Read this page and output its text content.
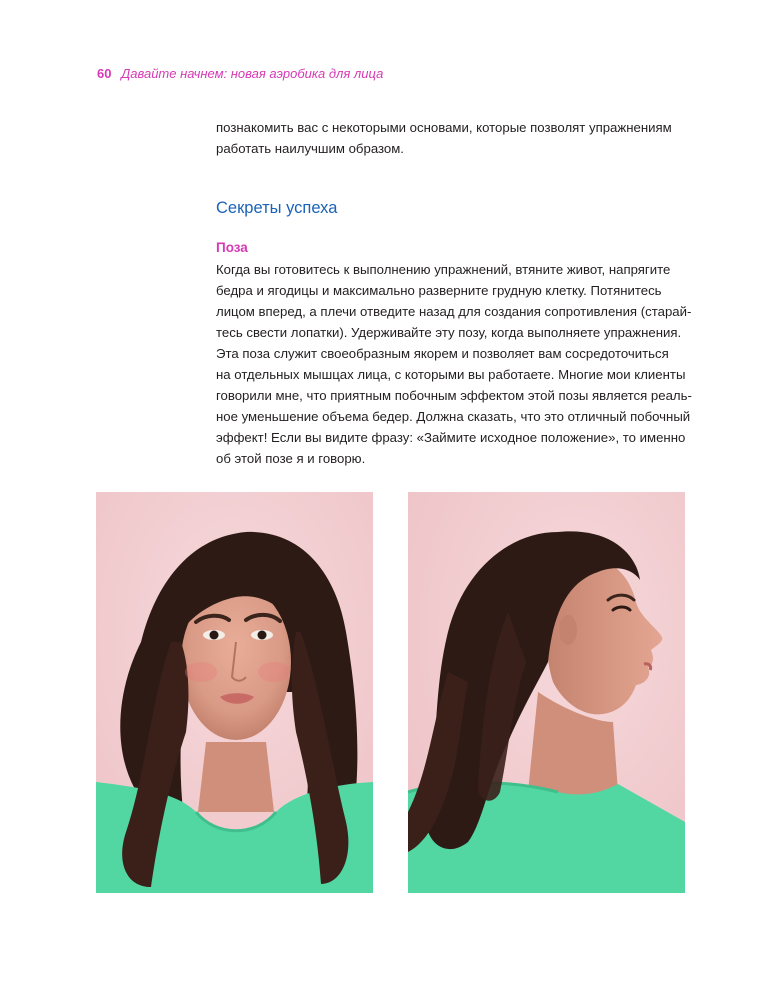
60 Давайте начнем: новая аэробика для лица
познакомить вас с некоторыми основами, которые позволят упражнениям
работать наилучшим образом.
Секреты успеха
Поза
Когда вы готовитесь к выполнению упражнений, втяните живот, напрягите
бедра и ягодицы и максимально разверните грудную клетку. Потянитесь
лицом вперед, а плечи отведите назад для создания сопротивления (старай-
тесь свести лопатки). Удерживайте эту позу, когда выполняете упражнения.
Эта поза служит своеобразным якорем и позволяет вам сосредоточиться
на отдельных мышцах лица, с которыми вы работаете. Многие мои клиенты
говорили мне, что приятным побочным эффектом этой позы является реаль-
ное уменьшение объема бедер. Должна сказать, что это отличный побочный
эффект! Если вы видите фразу: «Займите исходное положение», то именно
об этой позе я и говорю.
